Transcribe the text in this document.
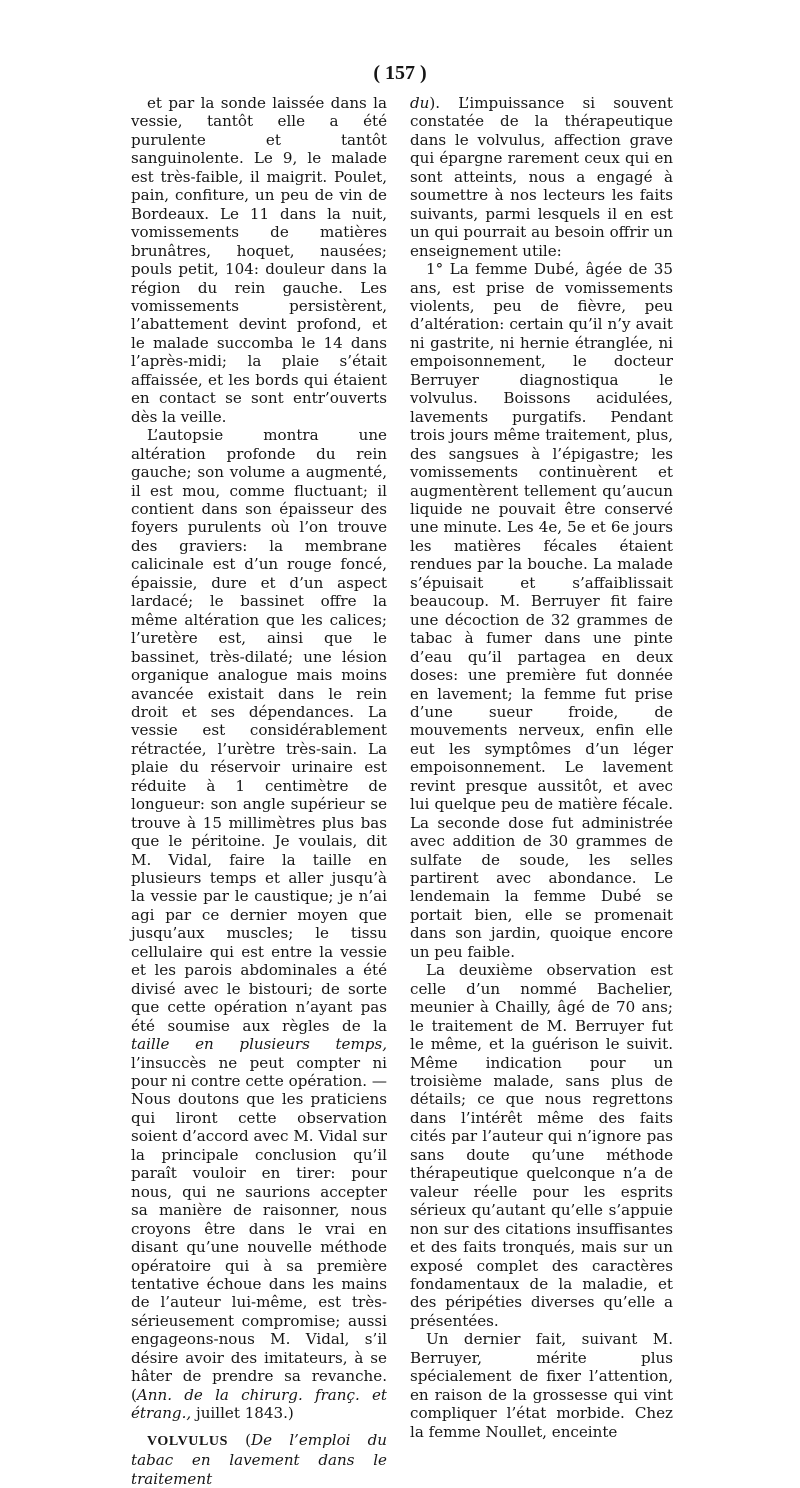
( 157 )

et par la sonde laissée dans la vessie, tantôt elle a été purulente et tantôt sanguinolente. Le 9, le malade est très-faible, il maigrit. Poulet, pain, confiture, un peu de vin de Bordeaux. Le 11 dans la nuit, vomissements de matières brunâtres, hoquet, nausées; pouls petit, 104: douleur dans la région du rein gauche. Les vomissements persistèrent, l’abattement devint profond, et le malade succomba le 14 dans l’après-midi; la plaie s’était affaissée, et les bords qui étaient en contact se sont entr’ouverts dès la veille.

L’autopsie montra une altération profonde du rein gauche; son volume a augmenté, il est mou, comme fluctuant; il contient dans son épaisseur des foyers purulents où l’on trouve des graviers: la membrane calicinale est d’un rouge foncé, épaissie, dure et d’un aspect lardacé; le bassinet offre la même altération que les calices; l’uretère est, ainsi que le bassinet, très-dilaté; une lésion organique analogue mais moins avancée existait dans le rein droit et ses dépendances. La vessie est considérablement rétractée, l’urètre très-sain. La plaie du réservoir urinaire est réduite à 1 centimètre de longueur: son angle supérieur se trouve à 15 millimètres plus bas que le péritoine. Je voulais, dit M. Vidal, faire la taille en plusieurs temps et aller jusqu’à la vessie par le caustique; je n’ai agi par ce dernier moyen que jusqu’aux muscles; le tissu cellulaire qui est entre la vessie et les parois abdominales a été divisé avec le bistouri; de sorte que cette opération n’ayant pas été soumise aux règles de la taille en plusieurs temps, l’insuccès ne peut compter ni pour ni contre cette opération. — Nous doutons que les praticiens qui liront cette observation soient d’accord avec M. Vidal sur la principale conclusion qu’il paraît vouloir en tirer: pour nous, qui ne saurions accepter sa manière de raisonner, nous croyons être dans le vrai en disant qu’une nouvelle méthode opératoire qui à sa première tentative échoue dans les mains de l’auteur lui-même, est très-sérieusement compromise; aussi engageons-nous M. Vidal, s’il désire avoir des imitateurs, à se hâter de prendre sa revanche. (Ann. de la chirurg. franç. et étrang., juillet 1843.)

VOLVULUS (De l’emploi du tabac en lavement dans le traitement

du). L’impuissance si souvent constatée de la thérapeutique dans le volvulus, affection grave qui épargne rarement ceux qui en sont atteints, nous a engagé à soumettre à nos lecteurs les faits suivants, parmi lesquels il en est un qui pourrait au besoin offrir un enseignement utile:

1° La femme Dubé, âgée de 35 ans, est prise de vomissements violents, peu de fièvre, peu d’altération: certain qu’il n’y avait ni gastrite, ni hernie étranglée, ni empoisonnement, le docteur Berruyer diagnostiqua le volvulus. Boissons acidulées, lavements purgatifs. Pendant trois jours même traitement, plus, des sangsues à l’épigastre; les vomissements continuèrent et augmentèrent tellement qu’aucun liquide ne pouvait être conservé une minute. Les 4e, 5e et 6e jours les matières fécales étaient rendues par la bouche. La malade s’épuisait et s’affaiblissait beaucoup. M. Berruyer fit faire une décoction de 32 grammes de tabac à fumer dans une pinte d’eau qu’il partagea en deux doses: une première fut donnée en lavement; la femme fut prise d’une sueur froide, de mouvements nerveux, enfin elle eut les symptômes d’un léger empoisonnement. Le lavement revint presque aussitôt, et avec lui quelque peu de matière fécale. La seconde dose fut administrée avec addition de 30 grammes de sulfate de soude, les selles partirent avec abondance. Le lendemain la femme Dubé se portait bien, elle se promenait dans son jardin, quoique encore un peu faible.

La deuxième observation est celle d’un nommé Bachelier, meunier à Chailly, âgé de 70 ans; le traitement de M. Berruyer fut le même, et la guérison le suivit. Même indication pour un troisième malade, sans plus de détails; ce que nous regrettons dans l’intérêt même des faits cités par l’auteur qui n’ignore pas sans doute qu’une méthode thérapeutique quelconque n’a de valeur réelle pour les esprits sérieux qu’autant qu’elle s’appuie non sur des citations insuffisantes et des faits tronqués, mais sur un exposé complet des caractères fondamentaux de la maladie, et des péripéties diverses qu’elle a présentées.

Un dernier fait, suivant M. Berruyer, mérite plus spécialement de fixer l’attention, en raison de la grossesse qui vint compliquer l’état morbide. Chez la femme Noullet, enceinte
